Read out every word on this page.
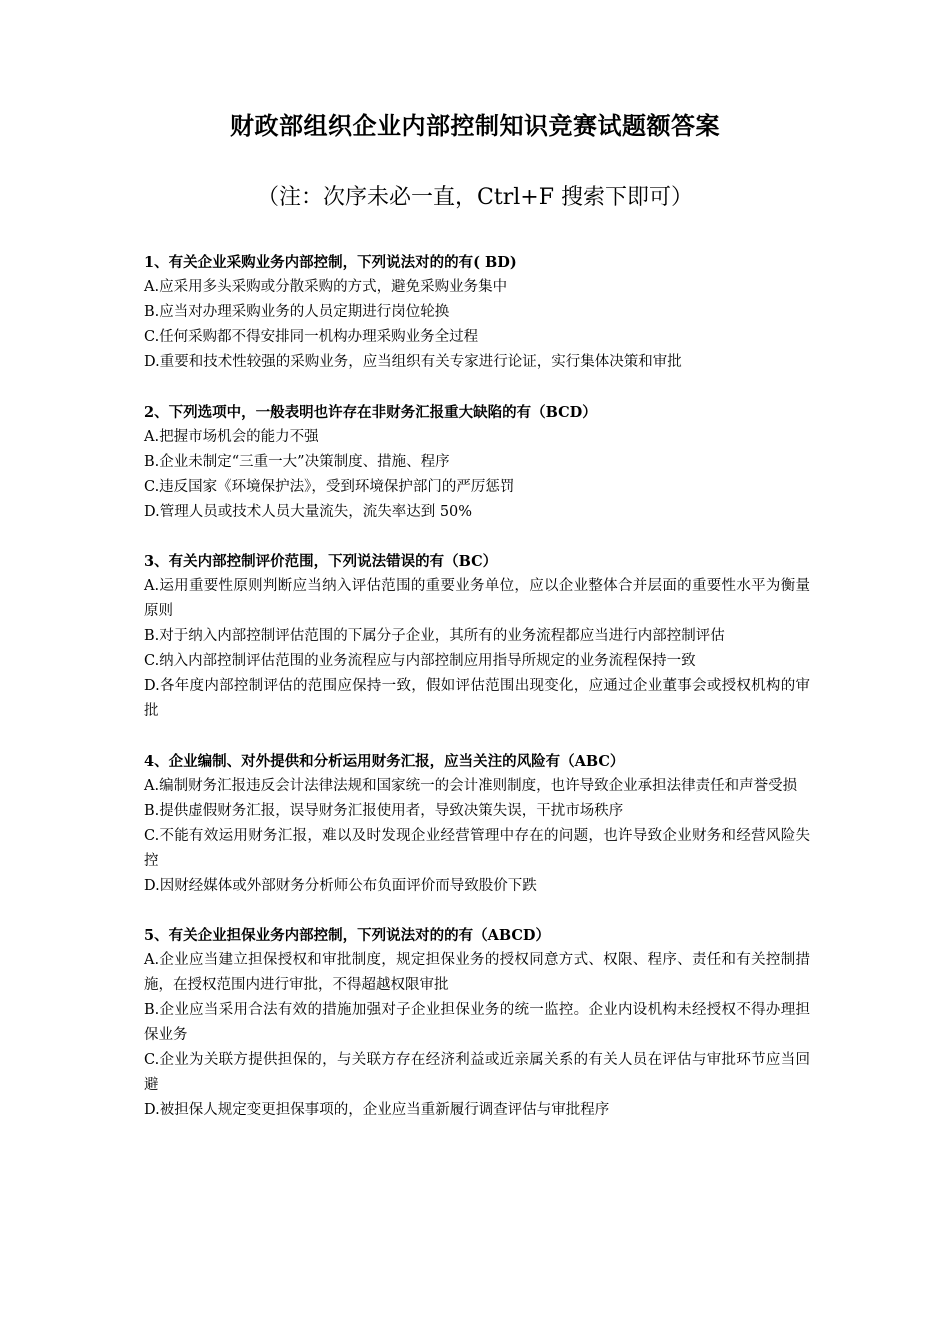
财政部组织企业内部控制知识竞赛试题额答案
（注：次序未必一直，Ctrl+F 搜索下即可）
1、有关企业采购业务内部控制，下列说法对的的有( BD)
A.应采用多头采购或分散采购的方式，避免采购业务集中
B.应当对办理采购业务的人员定期进行岗位轮换
C.任何采购都不得安排同一机构办理采购业务全过程
D.重要和技术性较强的采购业务，应当组织有关专家进行论证，实行集体决策和审批
2、下列选项中，一般表明也许存在非财务汇报重大缺陷的有（BCD）
A.把握市场机会的能力不强
B.企业未制定“三重一大”决策制度、措施、程序
C.违反国家《环境保护法》，受到环境保护部门的严厉惩罚
D.管理人员或技术人员大量流失，流失率达到 50%
3、有关内部控制评价范围，下列说法错误的有（BC）
A.运用重要性原则判断应当纳入评估范围的重要业务单位，应以企业整体合并层面的重要性水平为衡量原则
B.对于纳入内部控制评估范围的下属分子企业，其所有的业务流程都应当进行内部控制评估
C.纳入内部控制评估范围的业务流程应与内部控制应用指导所规定的业务流程保持一致
D.各年度内部控制评估的范围应保持一致，假如评估范围出现变化，应通过企业董事会或授权机构的审批
4、企业编制、对外提供和分析运用财务汇报，应当关注的风险有（ABC）
A.编制财务汇报违反会计法律法规和国家统一的会计准则制度，也许导致企业承担法律责任和声誉受损
B.提供虚假财务汇报，误导财务汇报使用者，导致决策失误，干扰市场秩序
C.不能有效运用财务汇报，难以及时发现企业经营管理中存在的问题，也许导致企业财务和经营风险失控
D.因财经媒体或外部财务分析师公布负面评价而导致股价下跌
5、有关企业担保业务内部控制，下列说法对的的有（ABCD）
A.企业应当建立担保授权和审批制度，规定担保业务的授权同意方式、权限、程序、责任和有关控制措施，在授权范围内进行审批，不得超越权限审批
B.企业应当采用合法有效的措施加强对子企业担保业务的统一监控。企业内设机构未经授权不得办理担保业务
C.企业为关联方提供担保的，与关联方存在经济利益或近亲属关系的有关人员在评估与审批环节应当回避
D.被担保人规定变更担保事项的，企业应当重新履行调查评估与审批程序
